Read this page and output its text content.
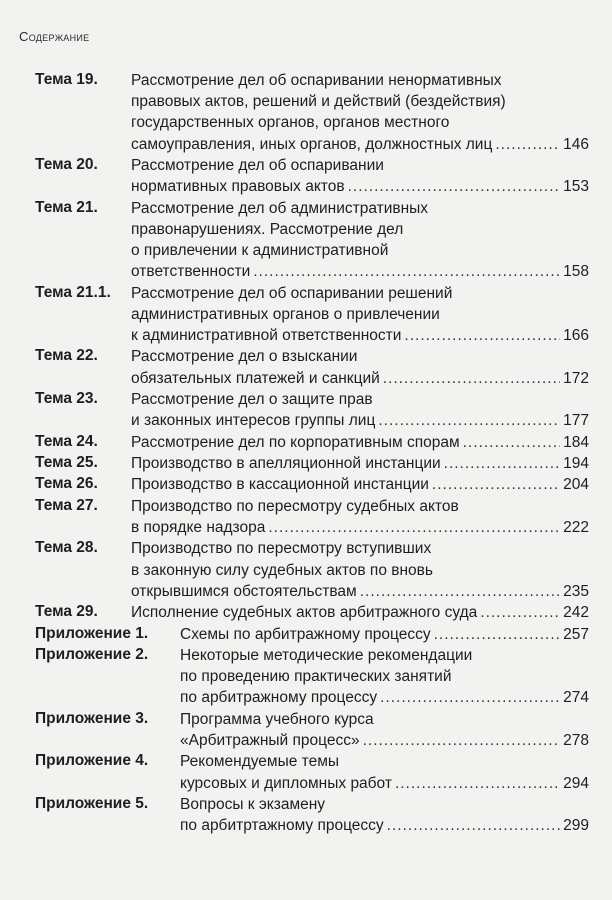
Содержание
Тема 19. Рассмотрение дел об оспаривании ненормативных
правовых актов, решений и действий (бездействия)
государственных органов, органов местного
самоуправления, иных органов, должностных лиц .....	146
Тема 20. Рассмотрение дел об оспаривании
нормативных правовых актов .....	153
Тема 21. Рассмотрение дел об административных
правонарушениях. Рассмотрение дел
о привлечении к административной
ответственности .....	158
Тема 21.1. Рассмотрение дел об оспаривании решений
административных органов о привлечении
к административной ответственности .....	166
Тема 22. Рассмотрение дел о взыскании
обязательных платежей и санкций .....	172
Тема 23. Рассмотрение дел о защите прав
и законных интересов группы лиц .....	177
Тема 24. Рассмотрение дел по корпоративным спорам .....	184
Тема 25. Производство в апелляционной инстанции .....	194
Тема 26. Производство в кассационной инстанции .....	204
Тема 27. Производство по пересмотру судебных актов
в порядке надзора .....	222
Тема 28. Производство по пересмотру вступивших
в законную силу судебных актов по вновь
открывшимся обстоятельствам .....	235
Тема 29. Исполнение судебных актов арбитражного суда .....	242
Приложение 1. Схемы по арбитражному процессу .....	257
Приложение 2. Некоторые методические рекомендации
по проведению практических занятий
по арбитражному процессу .....	274
Приложение 3. Программа учебного курса
«Арбитражный процесс» .....	278
Приложение 4. Рекомендуемые темы
курсовых и дипломных работ .....	294
Приложение 5. Вопросы к экзамену
по арбитртажному процессу .....	299
